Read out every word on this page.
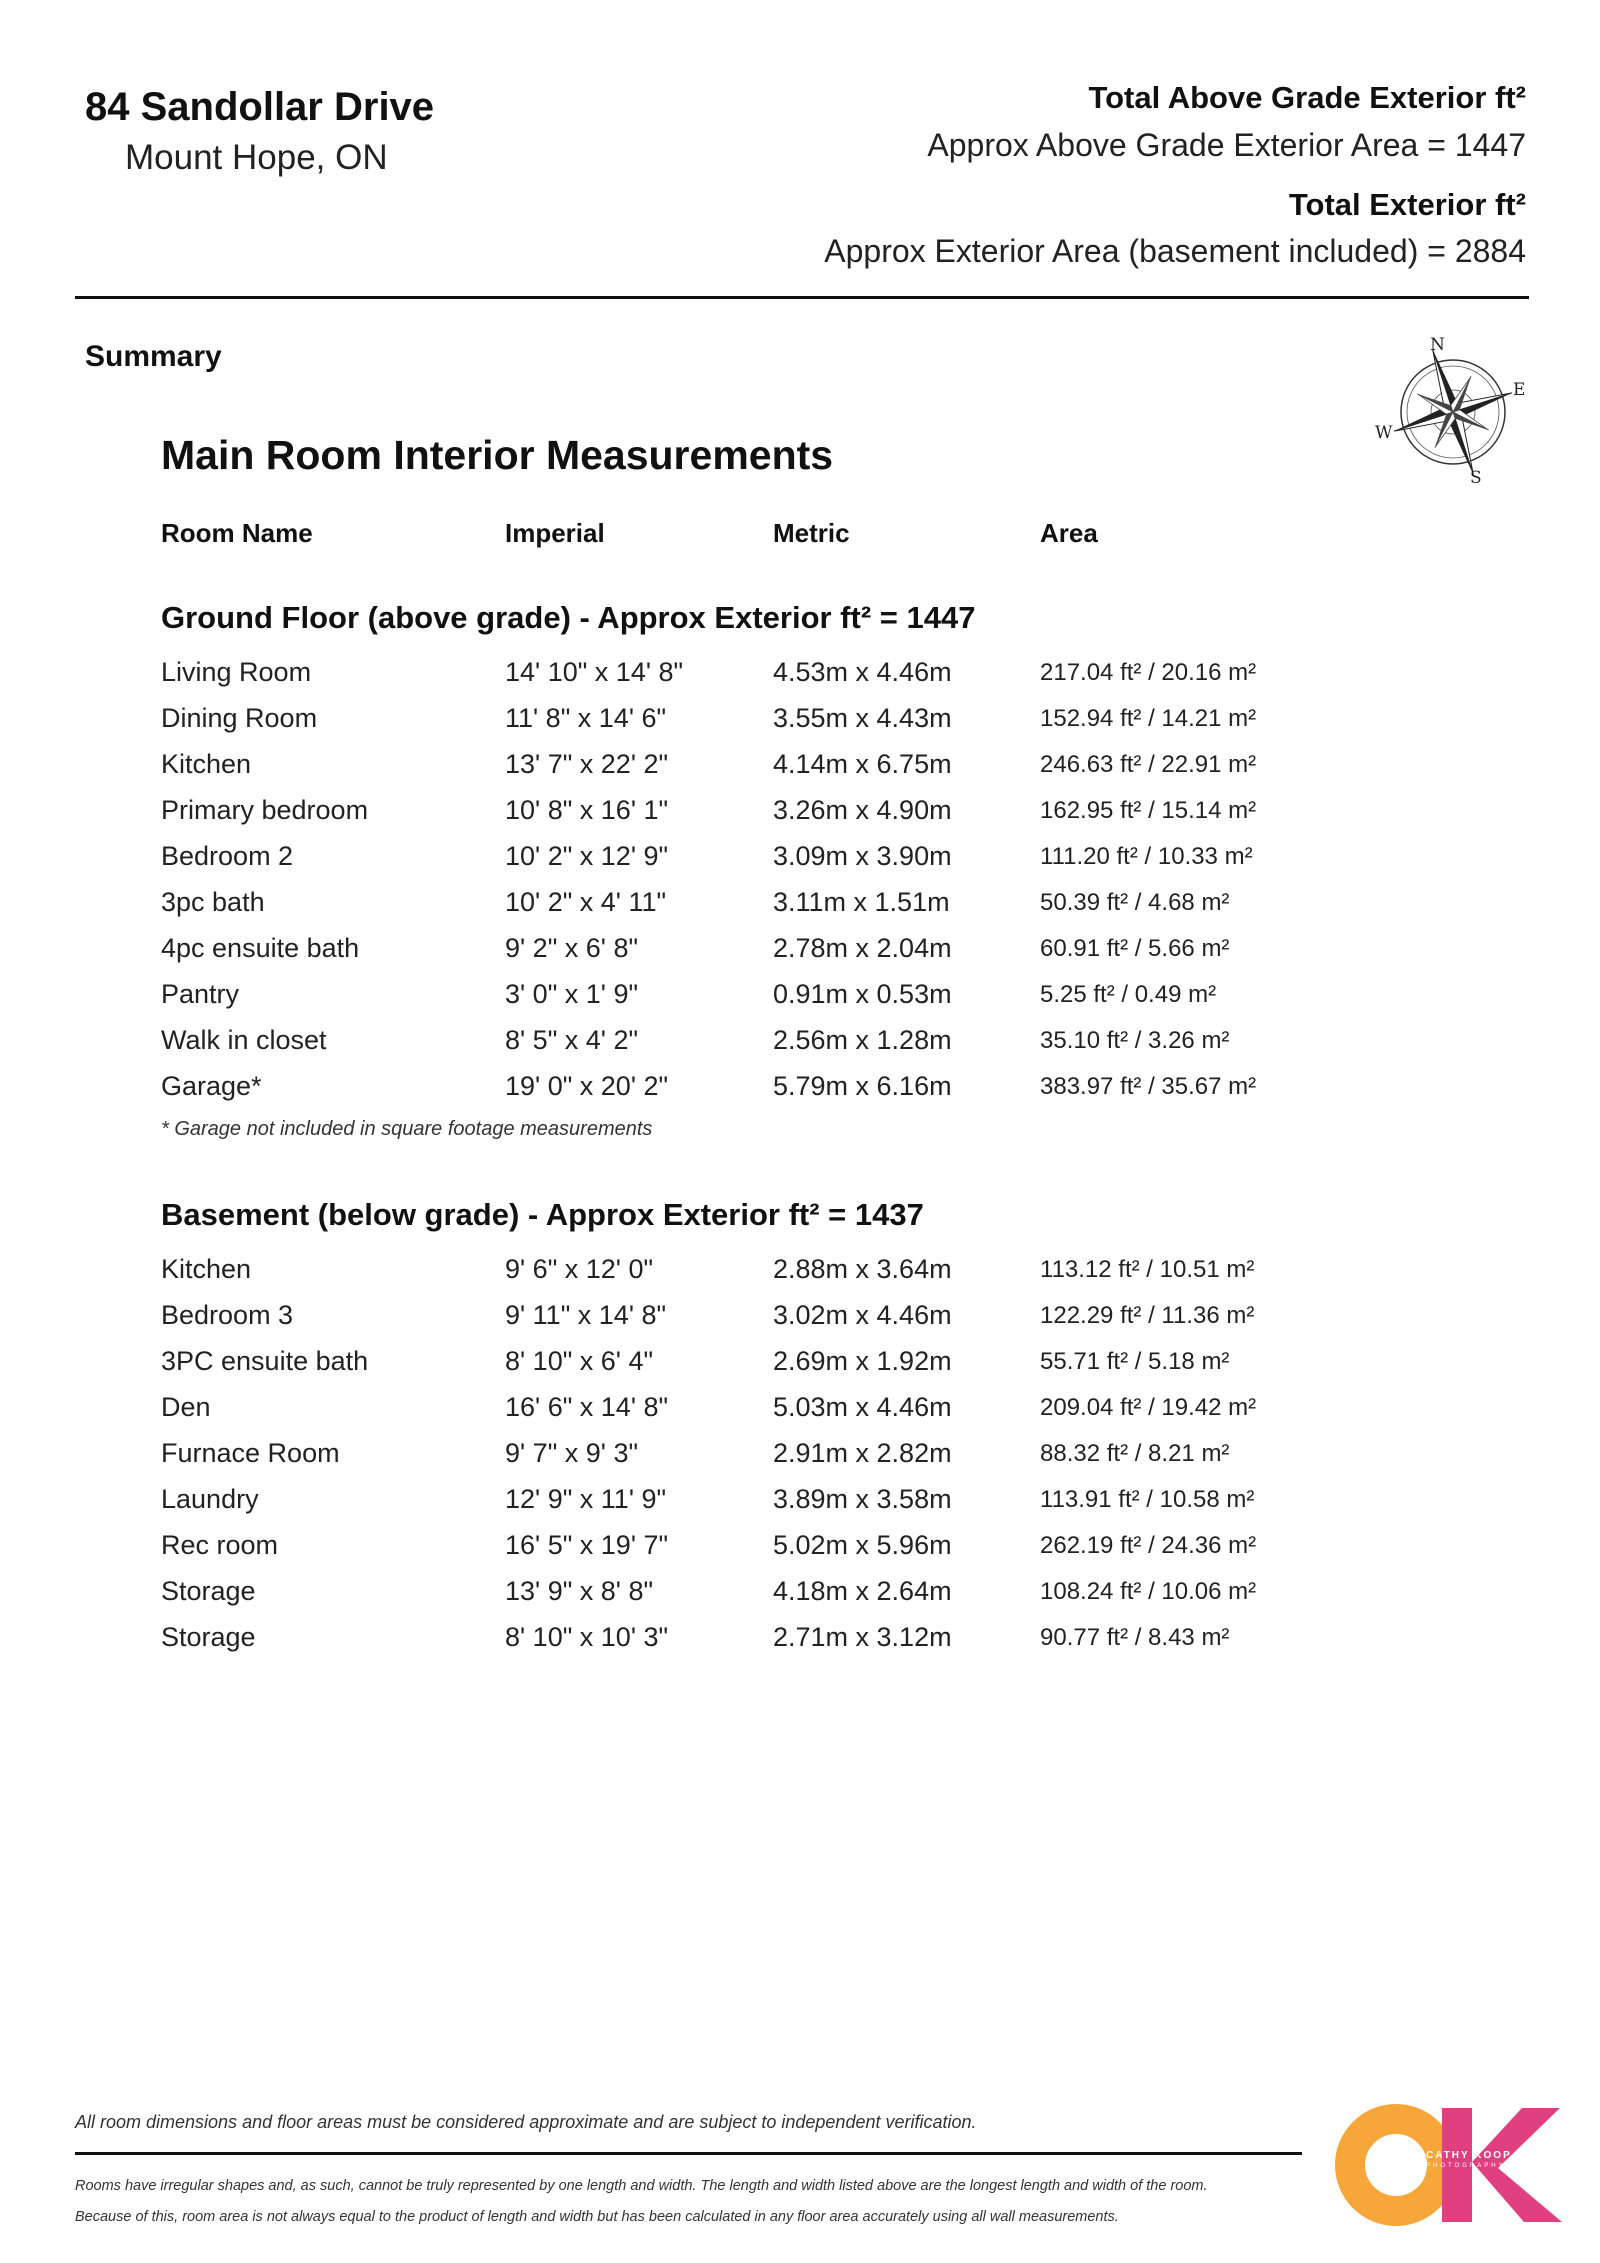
84 Sandollar Drive
Mount Hope, ON
Total Above Grade Exterior ft²
Approx Above Grade Exterior Area = 1447
Total Exterior ft²
Approx Exterior Area (basement included) = 2884
Summary	N
E
S
W
Main Room Interior Measurements
Room Name	Imperial	Metric	Area
Ground Floor (above grade) - Approx Exterior ft² = 1447
Living Room	14' 10" x 14' 8"	4.53m x 4.46m	217.04 ft² / 20.16 m²
Dining Room	11' 8" x 14' 6"	3.55m x 4.43m	152.94 ft² / 14.21 m²
Kitchen	13' 7" x 22' 2"	4.14m x 6.75m	246.63 ft² / 22.91 m²
Primary bedroom	10' 8" x 16' 1"	3.26m x 4.90m	162.95 ft² / 15.14 m²
Bedroom 2	10' 2" x 12' 9"	3.09m x 3.90m	111.20 ft² / 10.33 m²
3pc bath	10' 2" x 4' 11"	3.11m x 1.51m	50.39 ft² / 4.68 m²
4pc ensuite bath	9' 2" x 6' 8"	2.78m x 2.04m	60.91 ft² / 5.66 m²
Pantry	3' 0" x 1' 9"	0.91m x 0.53m	5.25 ft² / 0.49 m²
Walk in closet	8' 5" x 4' 2"	2.56m x 1.28m	35.10 ft² / 3.26 m²
Garage*	19' 0" x 20' 2"	5.79m x 6.16m	383.97 ft² / 35.67 m²
* Garage not included in square footage measurements
Basement (below grade) - Approx Exterior ft² = 1437
Kitchen	9' 6" x 12' 0"	2.88m x 3.64m	113.12 ft² / 10.51 m²
Bedroom 3	9' 11" x 14' 8"	3.02m x 4.46m	122.29 ft² / 11.36 m²
3PC ensuite bath	8' 10" x 6' 4"	2.69m x 1.92m	55.71 ft² / 5.18 m²
Den	16' 6" x 14' 8"	5.03m x 4.46m	209.04 ft² / 19.42 m²
Furnace Room	9' 7" x 9' 3"	2.91m x 2.82m	88.32 ft² / 8.21 m²
Laundry	12' 9" x 11' 9"	3.89m x 3.58m	113.91 ft² / 10.58 m²
Rec room	16' 5" x 19' 7"	5.02m x 5.96m	262.19 ft² / 24.36 m²
Storage	13' 9" x 8' 8"	4.18m x 2.64m	108.24 ft² / 10.06 m²
Storage	8' 10" x 10' 3"	2.71m x 3.12m	90.77 ft² / 8.43 m²
All room dimensions and floor areas must be considered approximate and are subject to independent verification.
Rooms have irregular shapes and, as such, cannot be truly represented by one length and width. The length and width listed above are the longest length and width of the room.
Because of this, room area is not always equal to the product of length and width but has been calculated in any floor area accurately using all wall measurements.
OK
CATHY KOOP
PHOTOGRAPHY
